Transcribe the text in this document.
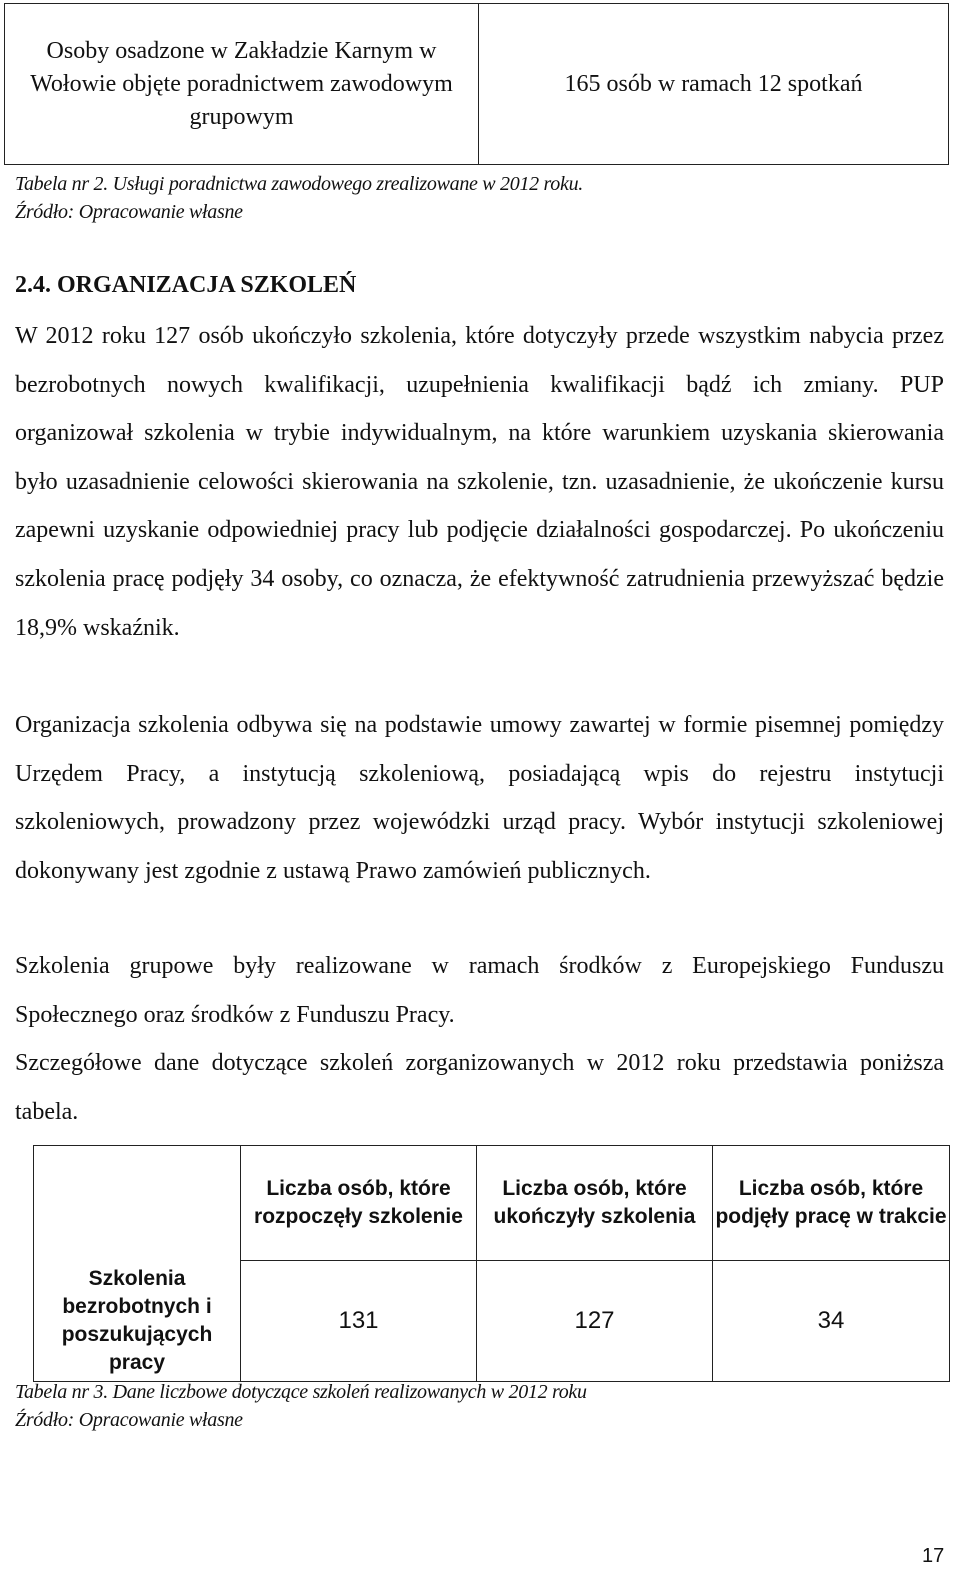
Osoby osadzone w Zakładzie Karnym w Wołowie objęte poradnictwem zawodowym grupowym	165 osób w ramach 12 spotkań
Tabela nr 2. Usługi poradnictwa zawodowego zrealizowane w 2012 roku.
Źródło: Opracowanie własne
2.4. ORGANIZACJA SZKOLEŃ
W 2012 roku 127 osób ukończyło szkolenia, które dotyczyły przede wszystkim nabycia przez bezrobotnych nowych kwalifikacji, uzupełnienia kwalifikacji bądź ich zmiany. PUP organizował szkolenia w trybie indywidualnym, na które warunkiem uzyskania skierowania było uzasadnienie celowości skierowania na szkolenie, tzn. uzasadnienie, że ukończenie kursu zapewni uzyskanie odpowiedniej pracy lub podjęcie działalności gospodarczej. Po ukończeniu szkolenia pracę podjęły 34 osoby, co oznacza, że efektywność zatrudnienia przewyższać będzie 18,9% wskaźnik.
Organizacja szkolenia odbywa się na podstawie umowy zawartej w formie pisemnej pomiędzy Urzędem Pracy, a instytucją szkoleniową, posiadającą wpis do rejestru instytucji szkoleniowych, prowadzony przez wojewódzki urząd pracy. Wybór instytucji szkoleniowej dokonywany jest zgodnie z ustawą Prawo zamówień publicznych.
Szkolenia grupowe były realizowane w ramach środków z Europejskiego Funduszu Społecznego oraz środków z Funduszu Pracy.
Szczegółowe dane dotyczące szkoleń zorganizowanych w 2012 roku przedstawia poniższa tabela.
	Liczba osób, które rozpoczęły szkolenie	Liczba osób, które ukończyły szkolenia	Liczba osób, które podjęły pracę w trakcie
Szkolenia bezrobotnych i poszukujących pracy	131	127	34
Tabela nr 3. Dane liczbowe dotyczące szkoleń realizowanych w 2012 roku
Źródło: Opracowanie własne
17
